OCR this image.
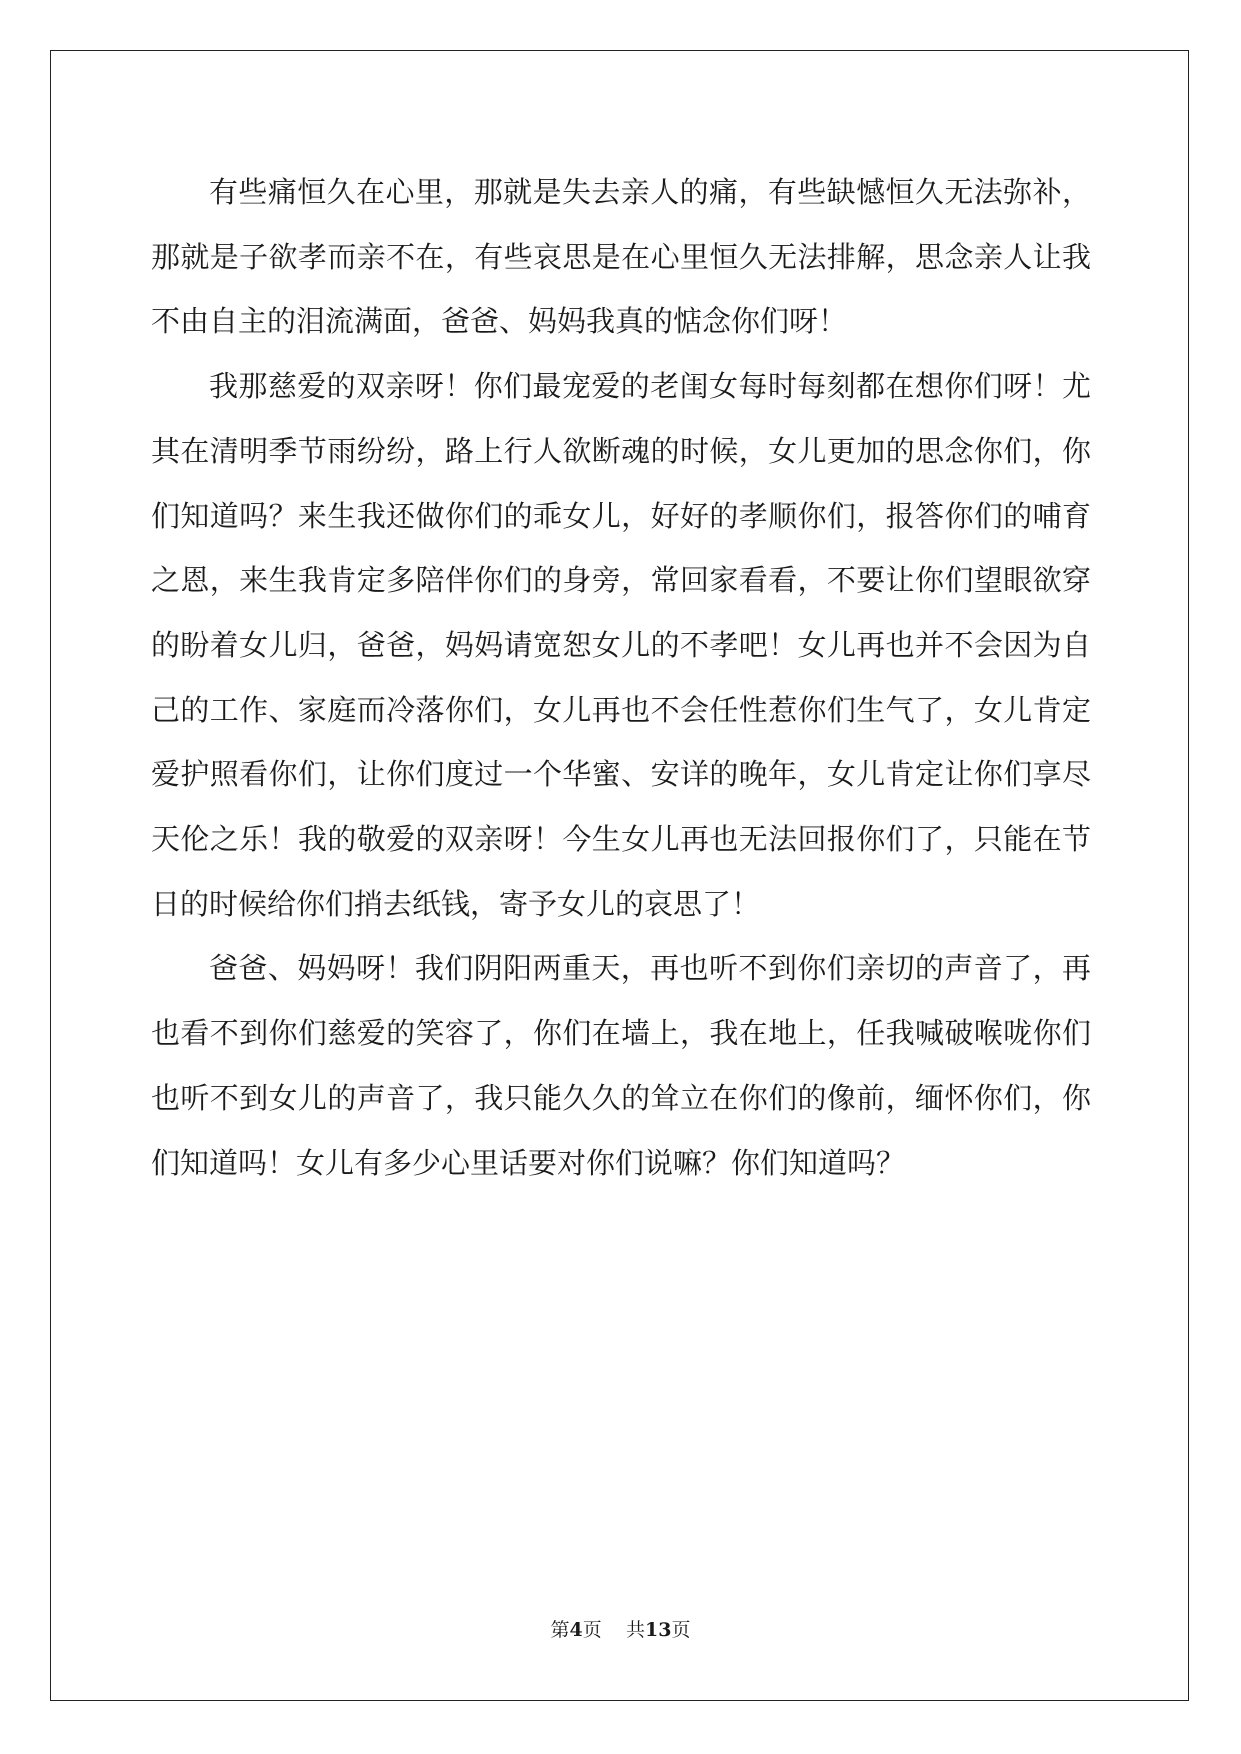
有些痛恒久在心里，那就是失去亲人的痛，有些缺憾恒久无法弥补，那就是子欲孝而亲不在，有些哀思是在心里恒久无法排解，思念亲人让我不由自主的泪流满面，爸爸、妈妈我真的惦念你们呀！

我那慈爱的双亲呀！你们最宠爱的老闺女每时每刻都在想你们呀！尤其在清明季节雨纷纷，路上行人欲断魂的时候，女儿更加的思念你们，你们知道吗？来生我还做你们的乖女儿，好好的孝顺你们，报答你们的哺育之恩，来生我肯定多陪伴你们的身旁，常回家看看，不要让你们望眼欲穿的盼着女儿归，爸爸，妈妈请宽恕女儿的不孝吧！女儿再也并不会因为自己的工作、家庭而冷落你们，女儿再也不会任性惹你们生气了，女儿肯定爱护照看你们，让你们度过一个华蜜、安详的晚年，女儿肯定让你们享尽天伦之乐！我的敬爱的双亲呀！今生女儿再也无法回报你们了，只能在节日的时候给你们捎去纸钱，寄予女儿的哀思了！

爸爸、妈妈呀！我们阴阳两重天，再也听不到你们亲切的声音了，再也看不到你们慈爱的笑容了，你们在墙上，我在地上，任我喊破喉咙你们也听不到女儿的声音了，我只能久久的耸立在你们的像前，缅怀你们，你们知道吗！女儿有多少心里话要对你们说嘛？你们知道吗？

第4页 共13页
